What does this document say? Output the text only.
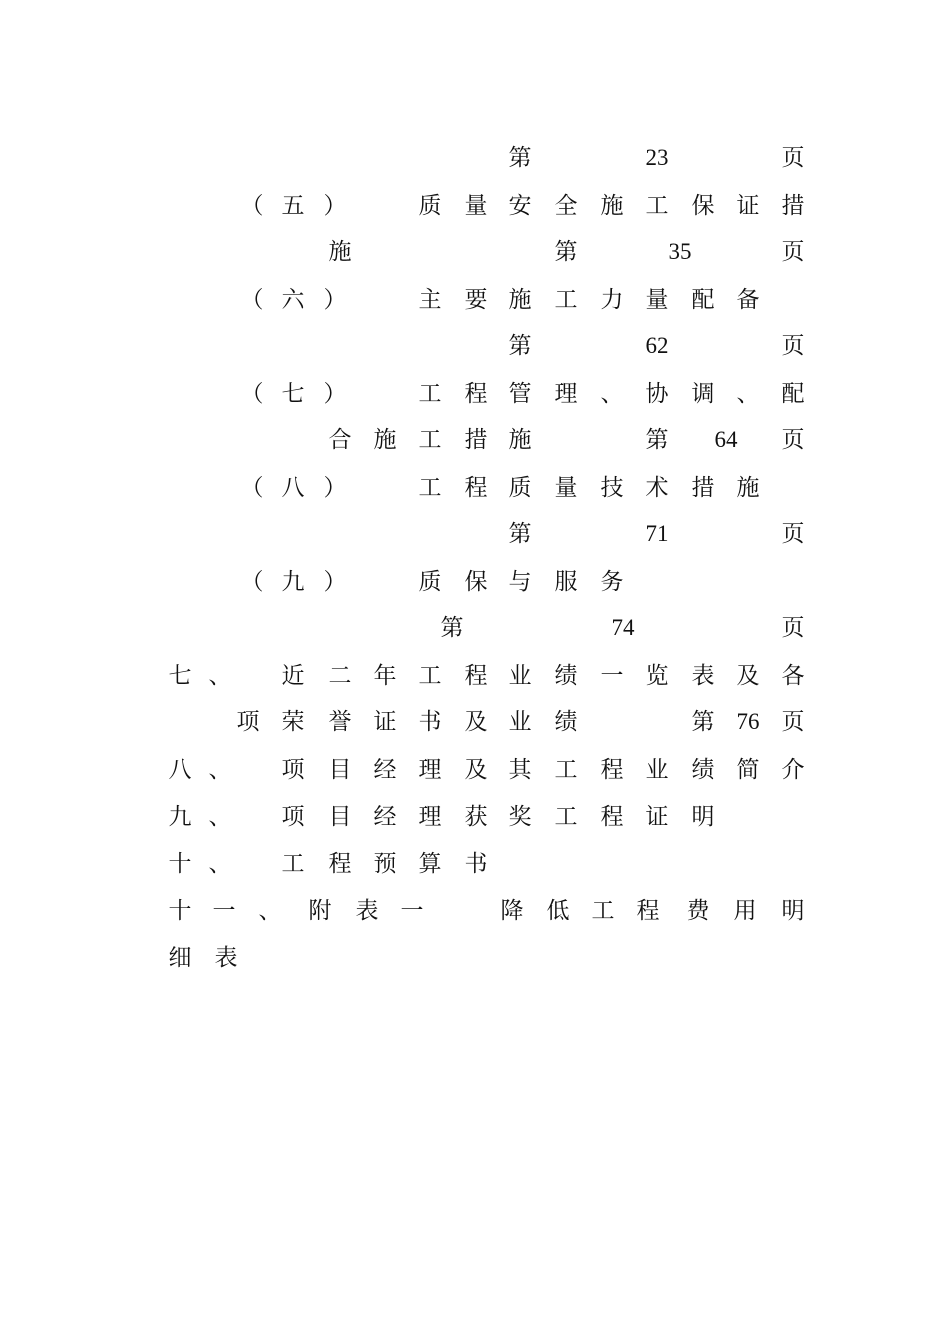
第	23	页
（ 五 ）	质 量 安 全 施 工 保 证 措
施	第	35	页
（ 六 ）	主 要 施 工 力 量 配 备
第	62	页
（ 七 ）	工 程 管 理 、 协 调 、 配
合 施 工 措 施	第 64 页
（ 八 ）	工 程 质 量 技 术 措 施
第	71	页
（ 九 ）	质 保 与 服 务
第	74	页
七 、 近 二 年 工 程 业 绩 一 览 表 及 各
项 荣 誉 证 书 及 业 绩	第 76 页
八 、 项 目 经 理 及 其 工 程 业 绩 简 介
九 、 项 目 经 理 获 奖 工 程 证 明
十 、 工 程 预 算 书
十 一 、 附 表 一	降 低 工 程 费 用 明
细 表
